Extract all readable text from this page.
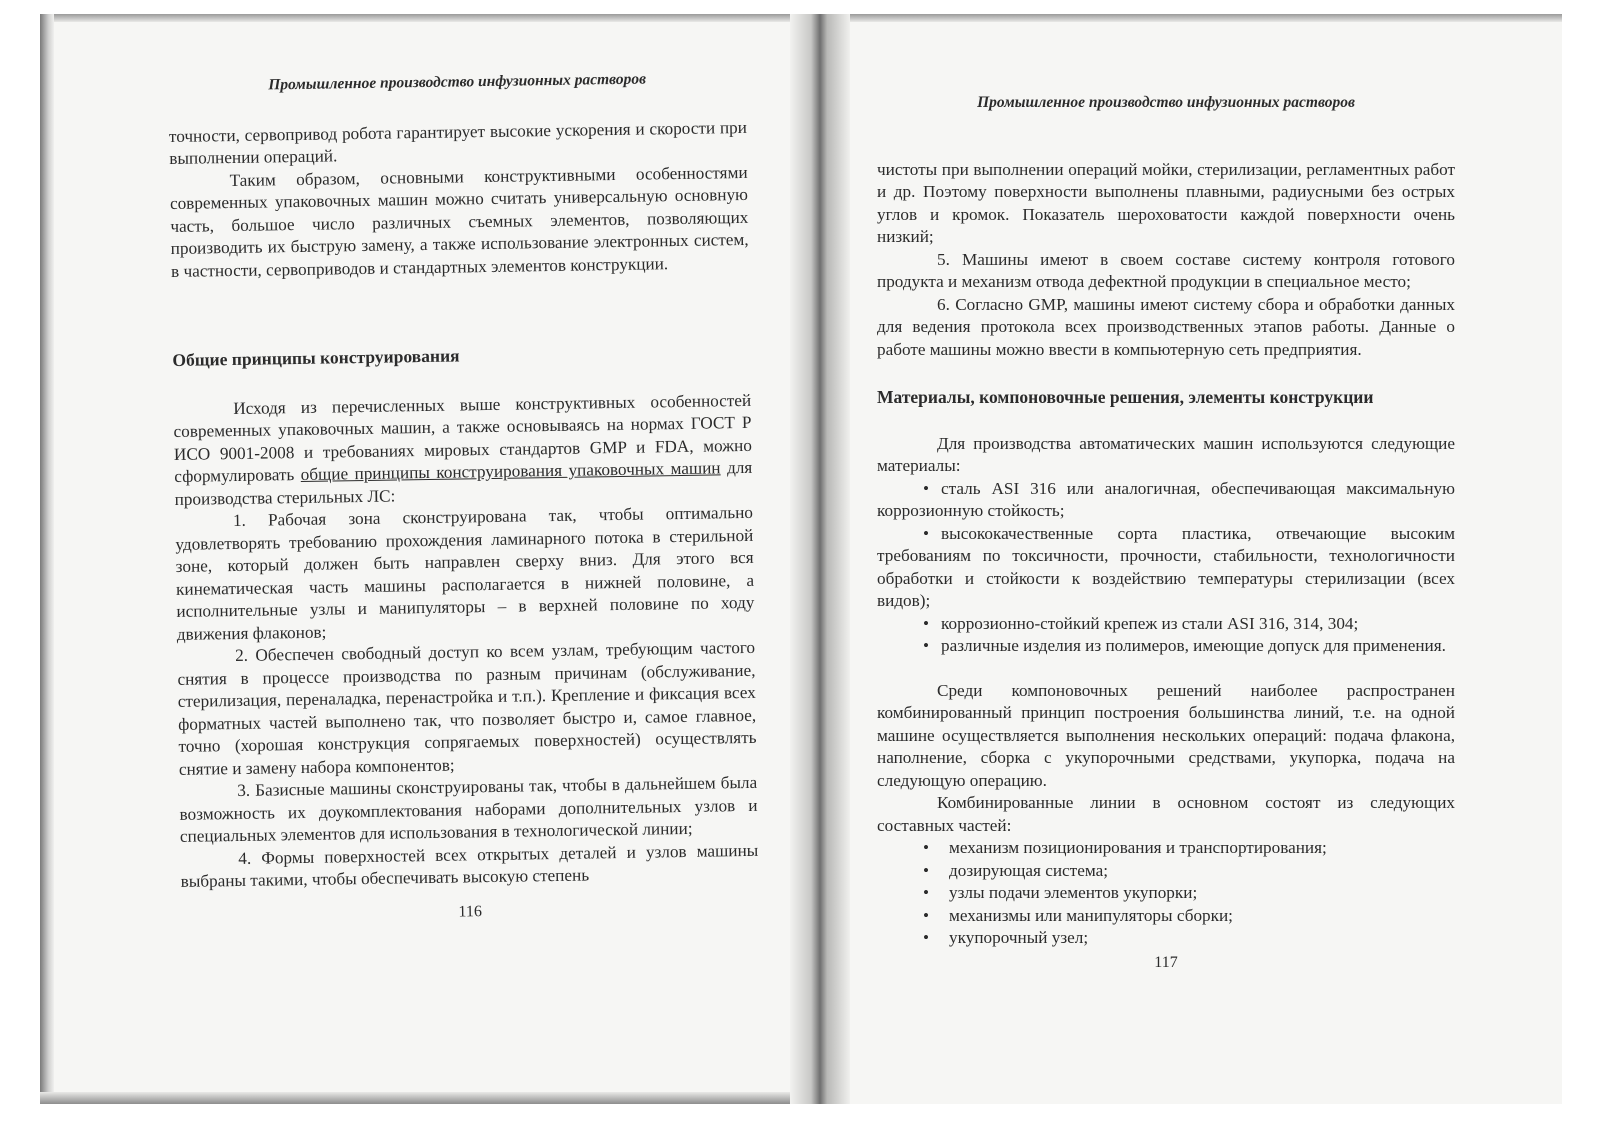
Промышленное производство инфузионных растворов

точности, сервопривод робота гарантирует высокие ускорения и скорости при выполнении операций.

Таким образом, основными конструктивными особенностями современных упаковочных машин можно считать универсальную основную часть, большое число различных съемных элементов, позволяющих производить их быструю замену, а также использование электронных систем, в частности, сервоприводов и стандартных элементов конструкции.

Общие принципы конструирования

Исходя из перечисленных выше конструктивных особенностей современных упаковочных машин, а также основываясь на нормах ГОСТ Р ИСО 9001-2008 и требованиях мировых стандартов GMP и FDA, можно сформулировать общие принципы конструирования упаковочных машин для производства стерильных ЛС:

1. Рабочая зона сконструирована так, чтобы оптимально удовлетворять требованию прохождения ламинарного потока в стерильной зоне, который должен быть направлен сверху вниз. Для этого вся кинематическая часть машины располагается в нижней половине, а исполнительные узлы и манипуляторы – в верхней половине по ходу движения флаконов;

2. Обеспечен свободный доступ ко всем узлам, требующим частого снятия в процессе производства по разным причинам (обслуживание, стерилизация, переналадка, перенастройка и т.п.). Крепление и фиксация всех форматных частей выполнено так, что позволяет быстро и, самое главное, точно (хорошая конструкция сопрягаемых поверхностей) осуществлять снятие и замену набора компонентов;

3. Базисные машины сконструированы так, чтобы в дальнейшем была возможность их доукомплектования наборами дополнительных узлов и специальных элементов для использования в технологической линии;

4. Формы поверхностей всех открытых деталей и узлов машины выбраны такими, чтобы обеспечивать высокую степень

116
Промышленное производство инфузионных растворов

чистоты при выполнении операций мойки, стерилизации, регламентных работ и др. Поэтому поверхности выполнены плавными, радиусными без острых углов и кромок. Показатель шероховатости каждой поверхности очень низкий;

5. Машины имеют в своем составе систему контроля готового продукта и механизм отвода дефектной продукции в специальное место;

6. Согласно GMP, машины имеют систему сбора и обработки данных для ведения протокола всех производственных этапов работы. Данные о работе машины можно ввести в компьютерную сеть предприятия.

Материалы, компоновочные решения, элементы конструкции

Для производства автоматических машин используются следующие материалы:

• сталь ASI 316 или аналогичная, обеспечивающая максимальную коррозионную стойкость;

• высококачественные сорта пластика, отвечающие высоким требованиям по токсичности, прочности, стабильности, технологичности обработки и стойкости к воздействию температуры стерилизации (всех видов);

• коррозионно-стойкий крепеж из стали ASI 316, 314, 304;

• различные изделия из полимеров, имеющие допуск для применения.

Среди компоновочных решений наиболее распространен комбинированный принцип построения большинства линий, т.е. на одной машине осуществляется выполнения нескольких операций: подача флакона, наполнение, сборка с укупорочными средствами, укупорка, подача на следующую операцию.

Комбинированные линии в основном состоят из следующих составных частей:

• механизм позиционирования и транспортирования;

• дозирующая система;

• узлы подачи элементов укупорки;

• механизмы или манипуляторы сборки;

• укупорочный узел;

117
